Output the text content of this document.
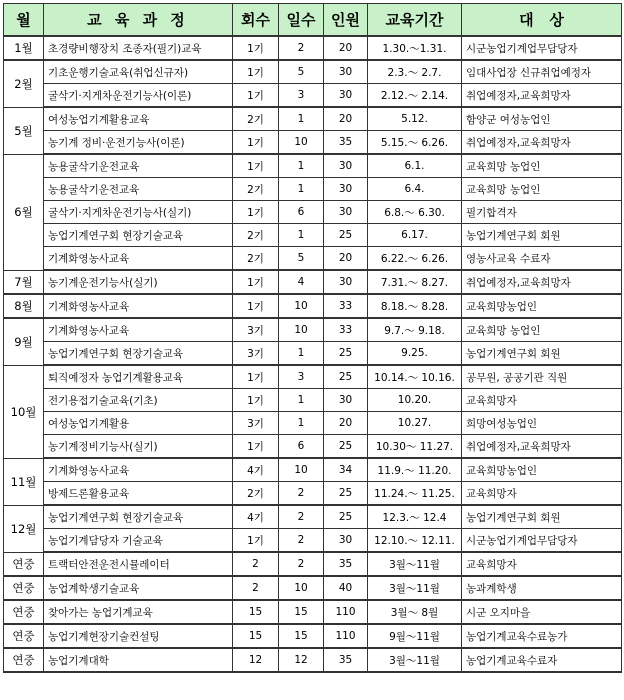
월	교 육 과 정	회수	일수	인원	교육기간	대   상
1월	초경량비행장치 조종자(필기)교육	1기	2	20	1.30.～1.31.	시군농업기계업무담당자
2월	기초운행기술교육(취업신규자)	1기	5	30	2.3.～ 2.7.	임대사업장 신규취업예정자
	굴삭기·지게차운전기능사(이론)	1기	3	30	2.12.～ 2.14.	취업예정자,교육희망자
5월	여성농업기계활용교육	2기	1	20	5.12.	함양군 여성농업인
	농기계 정비·운전기능사(이론)	1기	10	35	5.15.～ 6.26.	취업예정자,교육희망자
6월	농용굴삭기운전교육	1기	1	30	6.1.	교육희망 농업인
	농용굴삭기운전교육	2기	1	30	6.4.	교육희망 농업인
	굴삭기·지게차운전기능사(실기)	1기	6	30	6.8.～ 6.30.	필기합격자
	농업기계연구회 현장기술교육	2기	1	25	6.17.	농업기계연구회 회원
	기계화영농사교육	2기	5	20	6.22.～ 6.26.	영농사교육 수료자
7월	농기계운전기능사(실기)	1기	4	30	7.31.～ 8.27.	취업예정자,교육희망자
8월	기계화영농사교육	1기	10	33	8.18.～ 8.28.	교육희망농업인
9월	기계화영농사교육	3기	10	33	9.7.～ 9.18.	교육희망 농업인
	농업기계연구회 현장기술교육	3기	1	25	9.25.	농업기계연구회 회원
10월	퇴직예정자 농업기계활용교육	1기	3	25	10.14.～ 10.16.	공무원, 공공기관 직원
	전기용접기술교육(기초)	1기	1	30	10.20.	교육희망자
	여성농업기계활용	3기	1	20	10.27.	희망여성농업인
	농기계정비기능사(실기)	1기	6	25	10.30～ 11.27.	취업예정자,교육희망자
11월	기계화영농사교육	4기	10	34	11.9.～ 11.20.	교육희망농업인
	방제드론활용교육	2기	2	25	11.24.～ 11.25.	교육희망자
12월	농업기계연구회 현장기술교육	4기	2	25	12.3.～ 12.4	농업기계연구회 회원
	농업기계담당자 기술교육	1기	2	30	12.10.～ 12.11.	시군농업기계업무담당자
연중	트랙터안전운전시뮬레이터	2	2	35	3월～11월	교육희망자
연중	농업계학생기술교육	2	10	40	3월～11월	농과계학생
연중	찾아가는 농업기계교육	15	15	110	3월～ 8월	시군 오지마을
연중	농업기계현장기술컨설팅	15	15	110	9월～11월	농업기계교육수료농가
연중	농업기계대학	12	12	35	3월～11월	농업기계교육수료자
